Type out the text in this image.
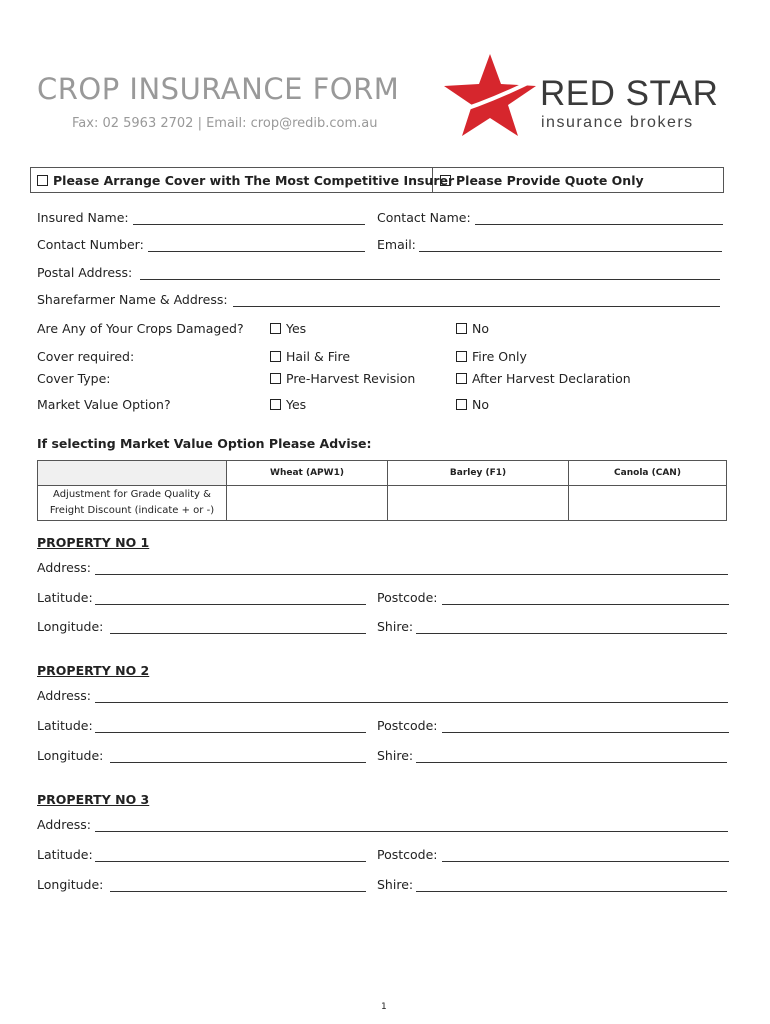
CROP INSURANCE FORM
Fax: 02 5963 2702 | Email: crop@redib.com.au
RED STAR
insurance brokers
Please Arrange Cover with The Most Competitive Insurer Please Provide Quote Only
Insured Name:	Contact Name:
Contact Number:	Email:
Postal Address:
Sharefarmer Name & Address:
Are Any of Your Crops Damaged?	Yes	No
Cover required:	Hail & Fire	Fire Only
Cover Type:	Pre-Harvest Revision	After Harvest Declaration
Market Value Option?	Yes	No
If selecting Market Value Option Please Advise:
	Wheat (APW1)	Barley (F1)	Canola (CAN)

Adjustment for Grade Quality &
Freight Discount (indicate + or -)			

PROPERTY NO 1
Address:
Latitude:	Postcode:
Longitude:	Shire:
PROPERTY NO 2
Address:
Latitude:	Postcode:
Longitude:	Shire:
PROPERTY NO 3
Address:
Latitude:	Postcode:
Longitude:	Shire:
1
